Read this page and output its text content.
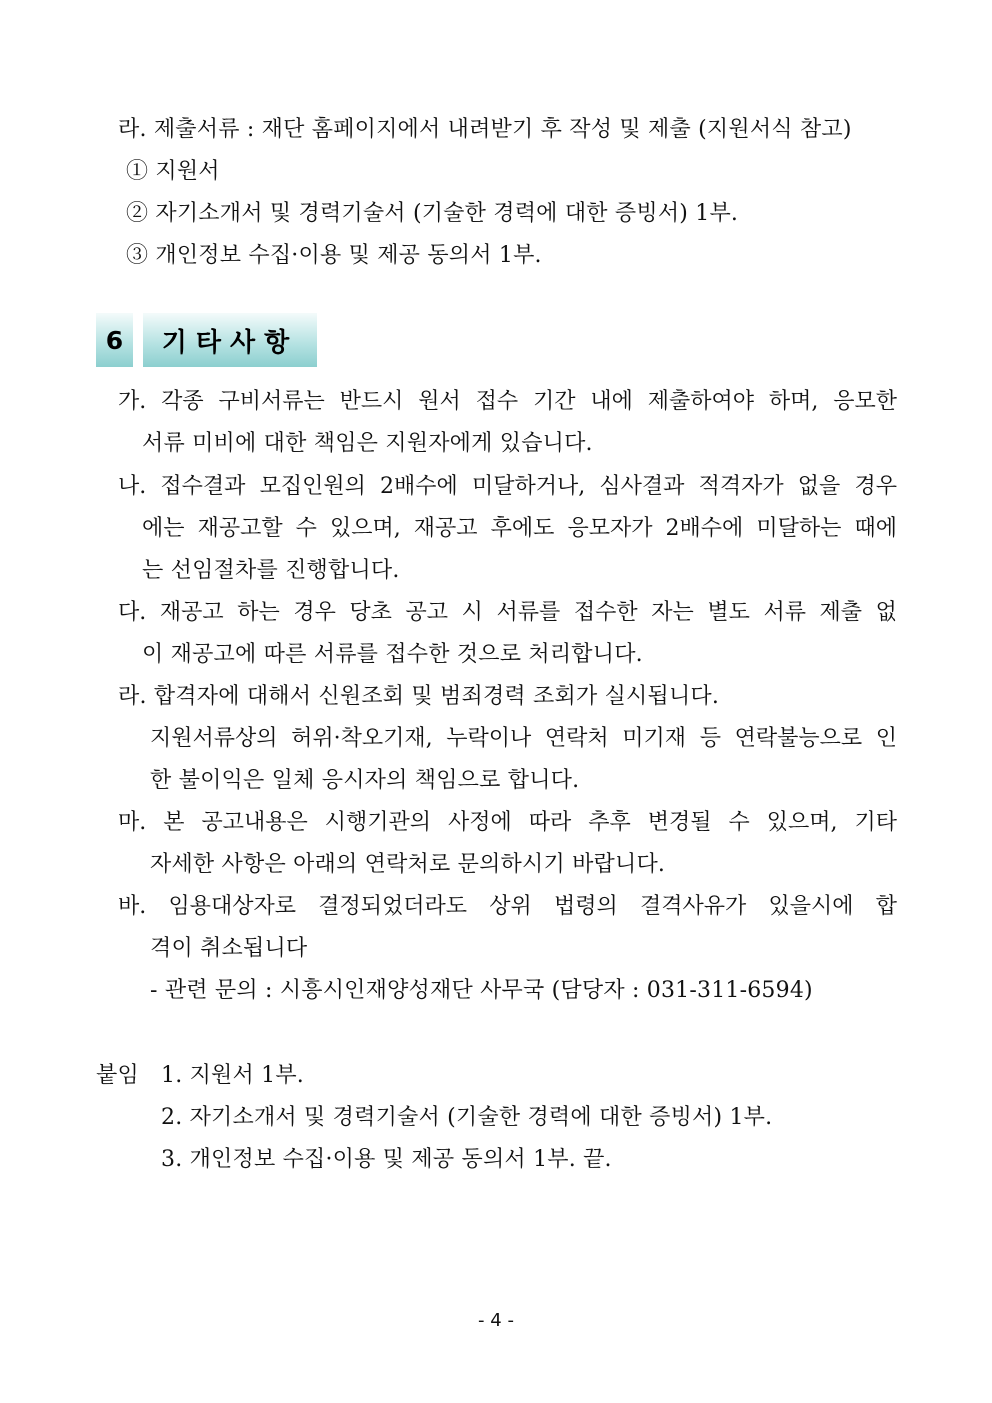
라. 제출서류 : 재단 홈페이지에서 내려받기 후 작성 및 제출 (지원서식 참고)
① 지원서
② 자기소개서 및 경력기술서 (기술한 경력에 대한 증빙서) 1부.
③ 개인정보 수집·이용 및 제공 동의서 1부.
6	기타사항
가. 각종 구비서류는 반드시 원서 접수 기간 내에 제출하여야 하며, 응모한
서류 미비에 대한 책임은 지원자에게 있습니다.
나. 접수결과 모집인원의 2배수에 미달하거나, 심사결과 적격자가 없을 경우
에는 재공고할 수 있으며, 재공고 후에도 응모자가 2배수에 미달하는 때에
는 선임절차를 진행합니다.
다. 재공고 하는 경우 당초 공고 시 서류를 접수한 자는 별도 서류 제출 없
이 재공고에 따른 서류를 접수한 것으로 처리합니다.
라. 합격자에 대해서 신원조회 및 범죄경력 조회가 실시됩니다.
지원서류상의 허위·착오기재, 누락이나 연락처 미기재 등 연락불능으로 인
한 불이익은 일체 응시자의 책임으로 합니다.
마. 본 공고내용은 시행기관의 사정에 따라 추후 변경될 수 있으며, 기타
자세한 사항은 아래의 연락처로 문의하시기 바랍니다.
바. 임용대상자로 결정되었더라도 상위 법령의 결격사유가 있을시에 합
격이 취소됩니다
- 관련 문의 : 시흥시인재양성재단 사무국 (담당자 : 031-311-6594)
붙임 1. 지원서 1부.
2. 자기소개서 및 경력기술서 (기술한 경력에 대한 증빙서) 1부.
3. 개인정보 수집·이용 및 제공 동의서 1부. 끝.
- 4 -
